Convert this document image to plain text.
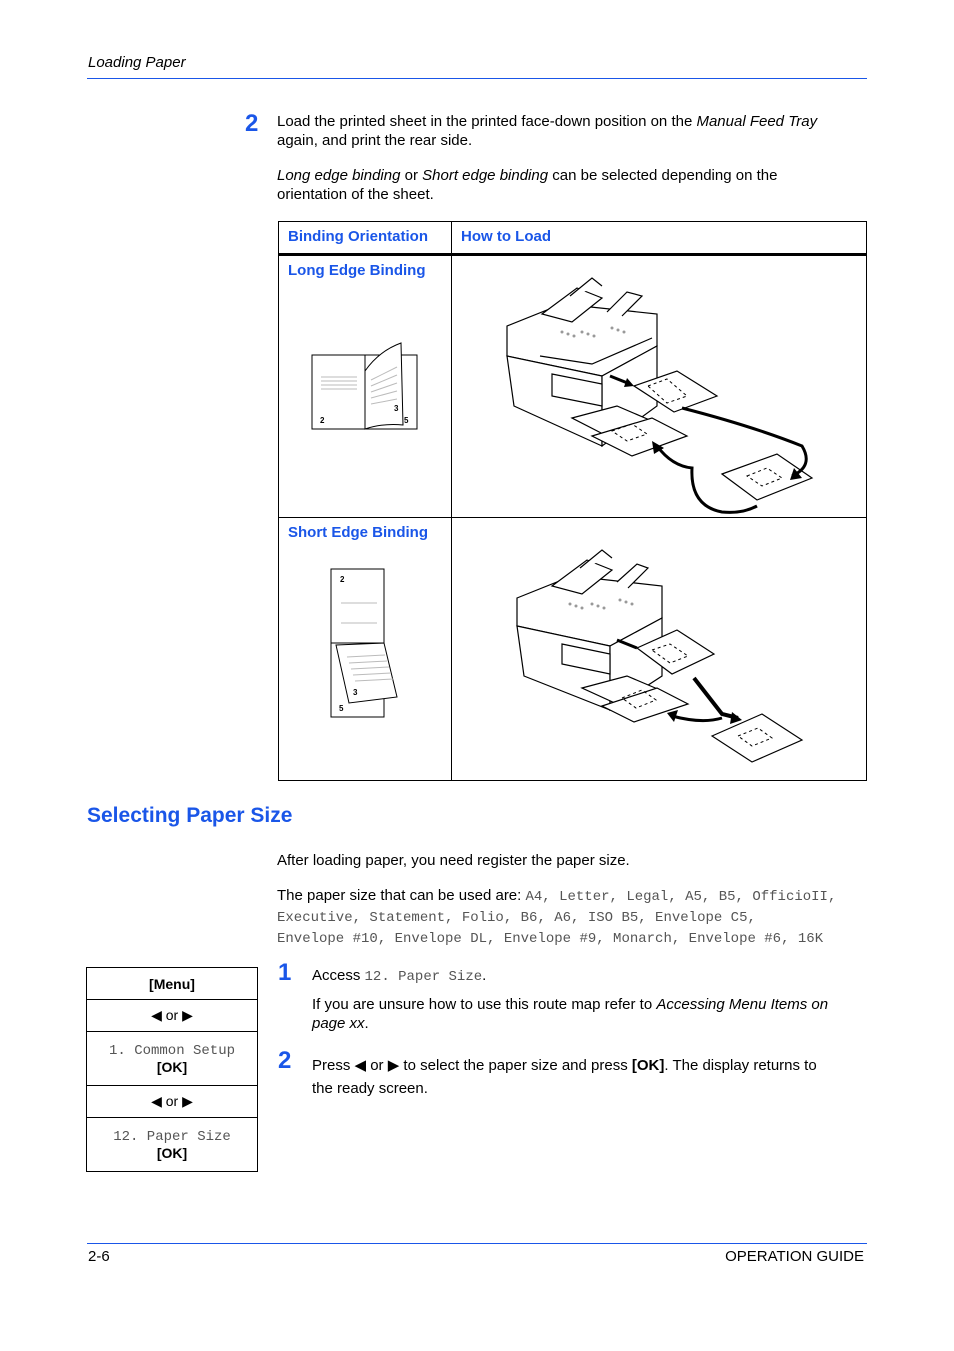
Loading Paper
2 Load the printed sheet in the printed face-down position on the Manual Feed Tray
again, and print the rear side.
Long edge binding or Short edge binding can be selected depending on the
orientation of the sheet.
Binding Orientation	How to Load

Long Edge Binding
2
3
5

Short Edge Binding
2
3
5

Selecting Paper Size
After loading paper, you need register the paper size.
The paper size that can be used are: A4, Letter, Legal, A5, B5, OfficioII,
Executive, Statement, Folio, B6, A6, ISO B5, Envelope C5,
Envelope #10, Envelope DL, Envelope #9, Monarch, Envelope #6, 16K
[Menu]
◀ or ▶

1. Common Setup
[OK]

◀ or ▶

12. Paper Size
[OK]
1 Access 12. Paper Size.
If you are unsure how to use this route map refer to Accessing Menu Items on
page xx.
2 Press ◀ or ▶ to select the paper size and press [OK]. The display returns to
the ready screen.
2-6	OPERATION GUIDE
